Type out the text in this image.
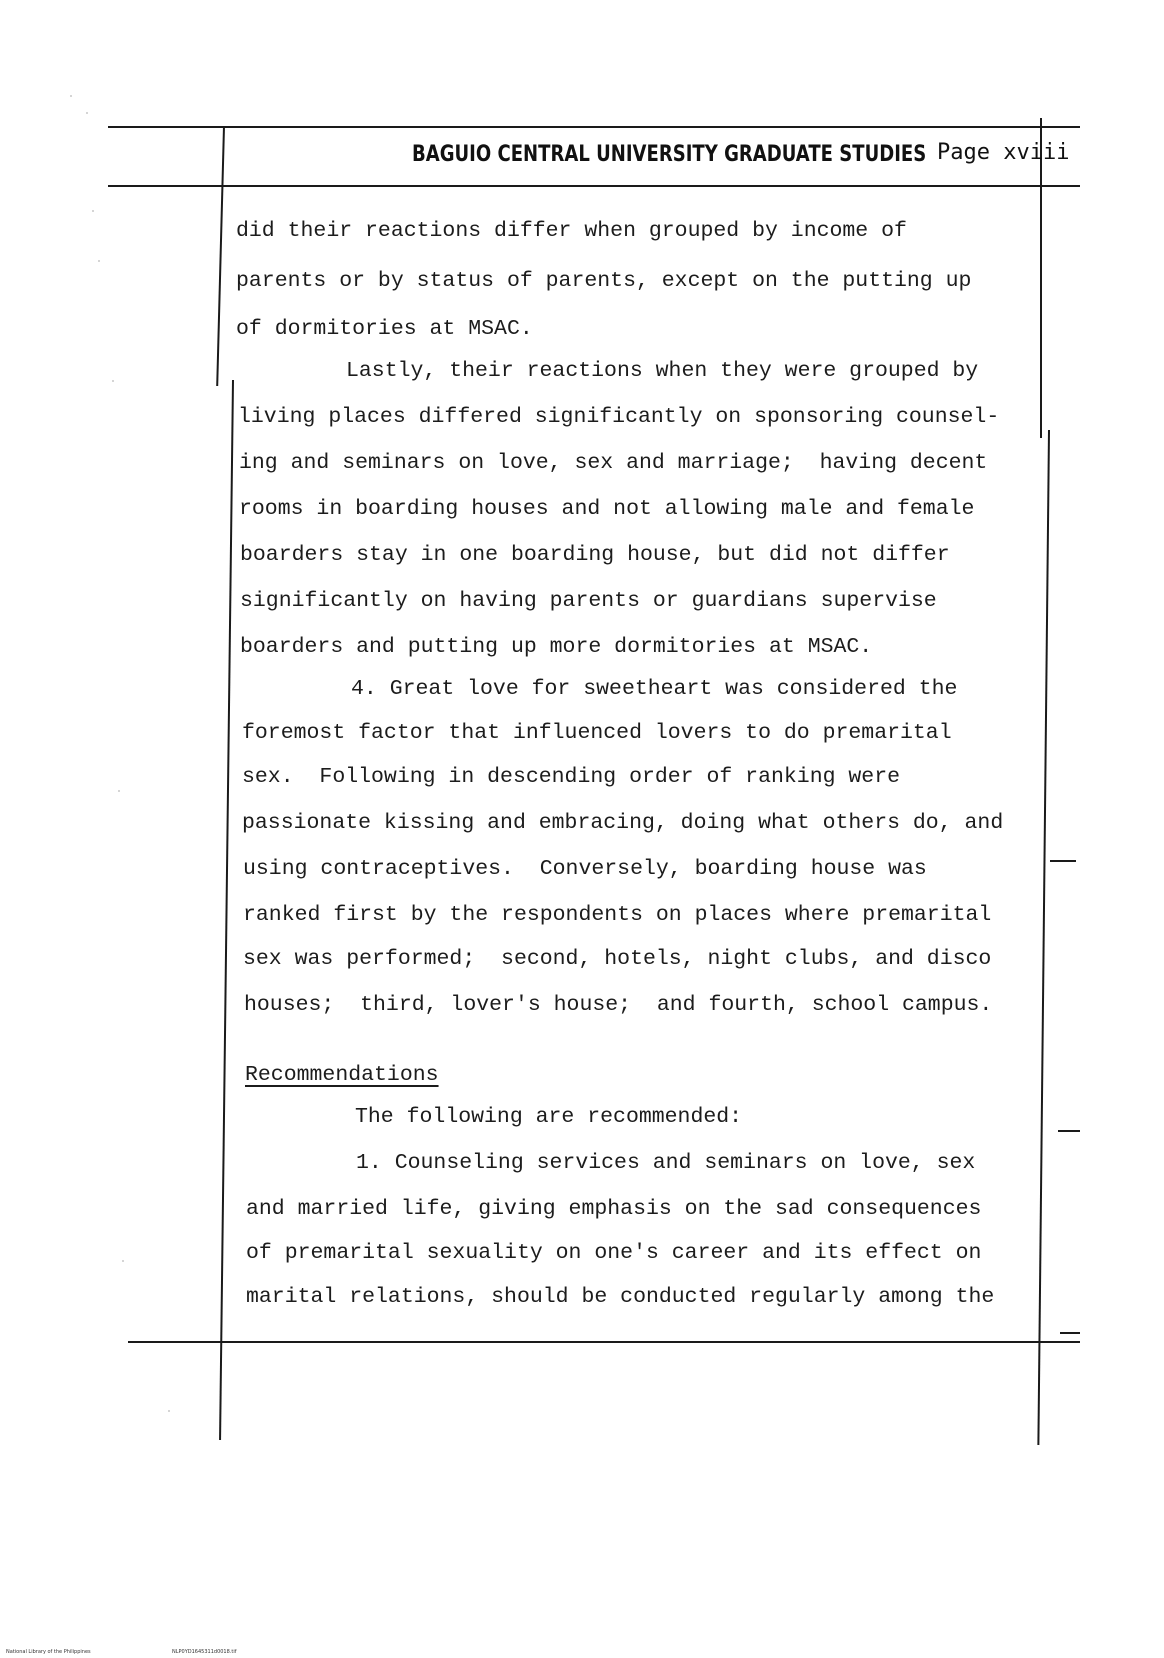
BAGUIO CENTRAL UNIVERSITY GRADUATE STUDIES Page xviii
did their reactions differ when grouped by income of
parents or by status of parents, except on the putting up
of dormitories at MSAC.
Lastly, their reactions when they were grouped by
living places differed significantly on sponsoring counsel-
ing and seminars on love, sex and marriage;  having decent
rooms in boarding houses and not allowing male and female
boarders stay in one boarding house, but did not differ
significantly on having parents or guardians supervise
boarders and putting up more dormitories at MSAC.
4. Great love for sweetheart was considered the
foremost factor that influenced lovers to do premarital
sex.  Following in descending order of ranking were
passionate kissing and embracing, doing what others do, and
using contraceptives.  Conversely, boarding house was
ranked first by the respondents on places where premarital
sex was performed;  second, hotels, night clubs, and disco
houses;  third, lover's house;  and fourth, school campus.
Recommendations
The following are recommended:
1. Counseling services and seminars on love, sex
and married life, giving emphasis on the sad consequences
of premarital sexuality on one's career and its effect on
marital relations, should be conducted regularly among the
National Library of the Philippines	NLP0YD1645311d0018.tif
